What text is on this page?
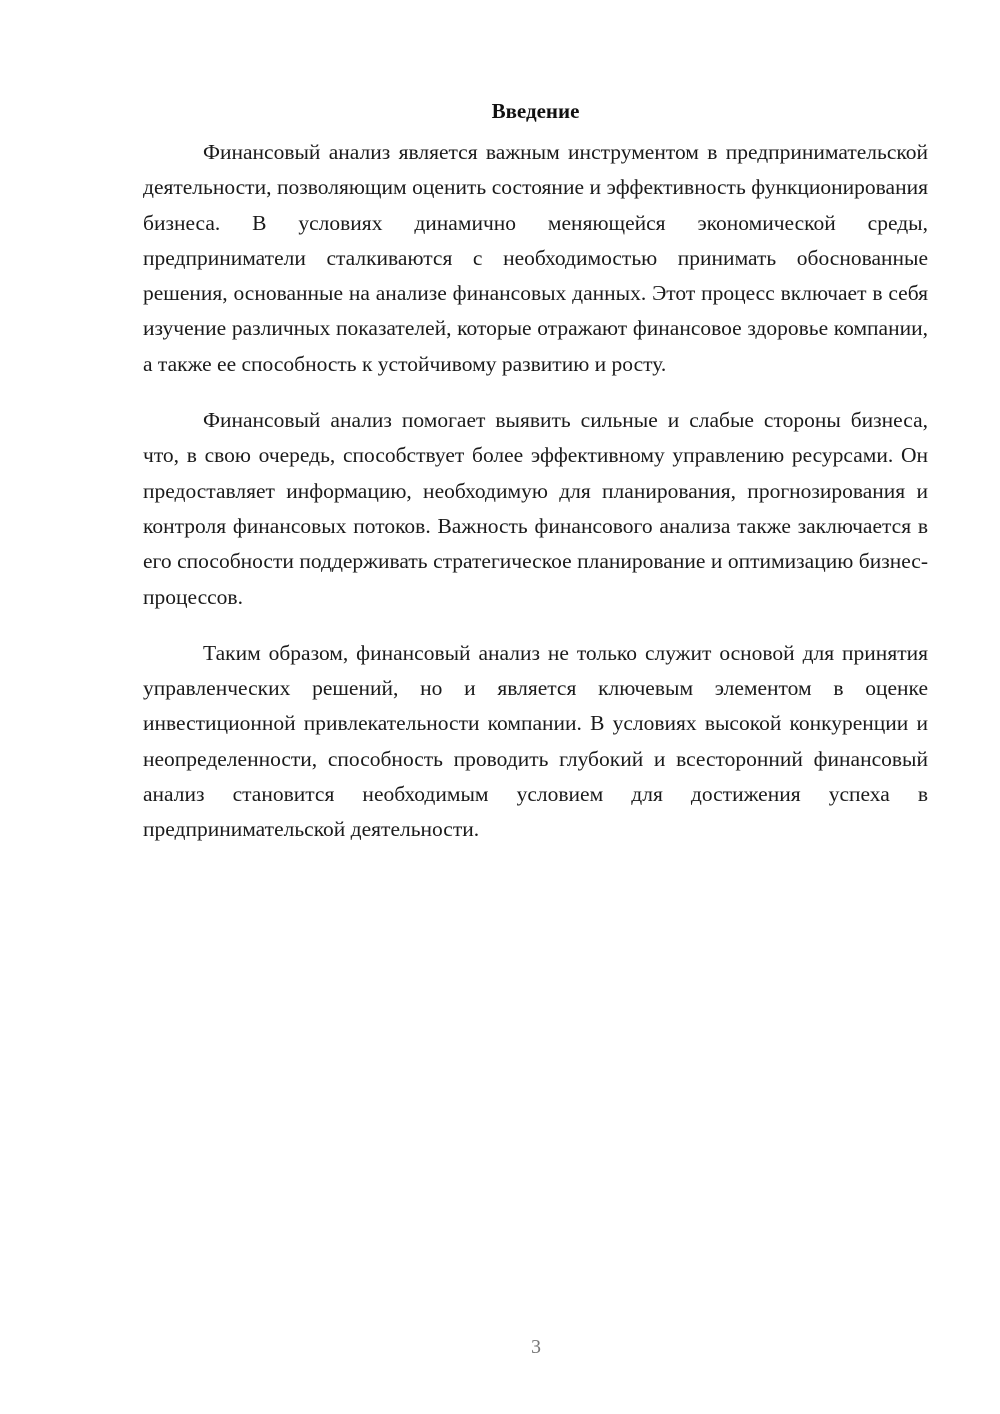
Введение

Финансовый анализ является важным инструментом в предпринимательской деятельности, позволяющим оценить состояние и эффективность функционирования бизнеса. В условиях динамично меняющейся экономической среды, предприниматели сталкиваются с необходимостью принимать обоснованные решения, основанные на анализе финансовых данных. Этот процесс включает в себя изучение различных показателей, которые отражают финансовое здоровье компании, а также ее способность к устойчивому развитию и росту.

Финансовый анализ помогает выявить сильные и слабые стороны бизнеса, что, в свою очередь, способствует более эффективному управлению ресурсами. Он предоставляет информацию, необходимую для планирования, прогнозирования и контроля финансовых потоков. Важность финансового анализа также заключается в его способности поддерживать стратегическое планирование и оптимизацию бизнес-процессов.

Таким образом, финансовый анализ не только служит основой для принятия управленческих решений, но и является ключевым элементом в оценке инвестиционной привлекательности компании. В условиях высокой конкуренции и неопределенности, способность проводить глубокий и всесторонний финансовый анализ становится необходимым условием для достижения успеха в предпринимательской деятельности.

3
